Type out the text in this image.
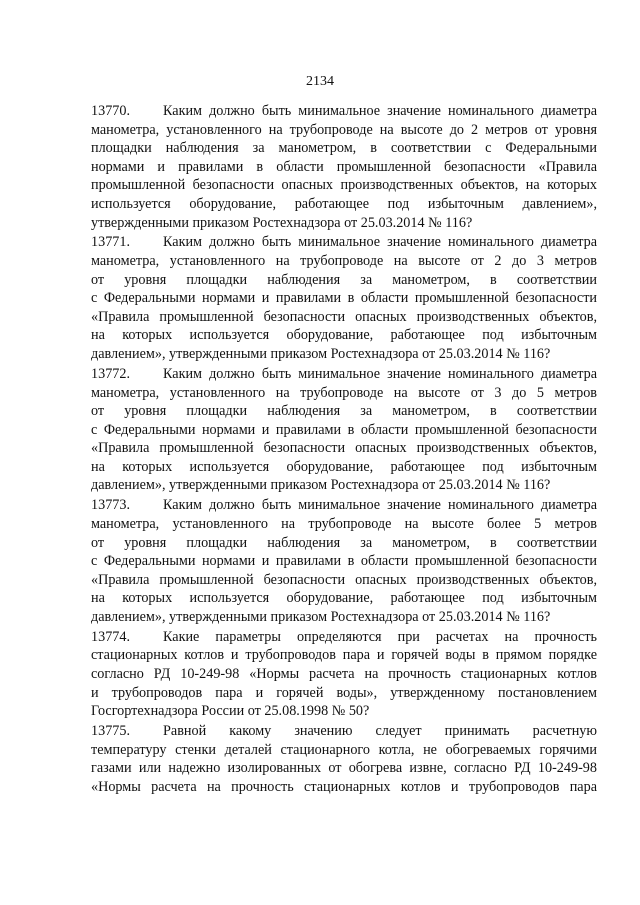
2134
13770. Каким должно быть минимальное значение номинального диаметра
манометра, установленного на трубопроводе на высоте до 2 метров от уровня
площадки наблюдения за манометром, в соответствии с Федеральными
нормами и правилами в области промышленной безопасности «Правила
промышленной безопасности опасных производственных объектов, на которых
используется оборудование, работающее под избыточным давлением»,
утвержденными приказом Ростехнадзора от 25.03.2014 № 116?
13771. Каким должно быть минимальное значение номинального диаметра
манометра, установленного на трубопроводе на высоте от 2 до 3 метров
от уровня площадки наблюдения за манометром, в соответствии
с Федеральными нормами и правилами в области промышленной безопасности
«Правила промышленной безопасности опасных производственных объектов,
на которых используется оборудование, работающее под избыточным
давлением», утвержденными приказом Ростехнадзора от 25.03.2014 № 116?
13772. Каким должно быть минимальное значение номинального диаметра
манометра, установленного на трубопроводе на высоте от 3 до 5 метров
от уровня площадки наблюдения за манометром, в соответствии
с Федеральными нормами и правилами в области промышленной безопасности
«Правила промышленной безопасности опасных производственных объектов,
на которых используется оборудование, работающее под избыточным
давлением», утвержденными приказом Ростехнадзора от 25.03.2014 № 116?
13773. Каким должно быть минимальное значение номинального диаметра
манометра, установленного на трубопроводе на высоте более 5 метров
от уровня площадки наблюдения за манометром, в соответствии
с Федеральными нормами и правилами в области промышленной безопасности
«Правила промышленной безопасности опасных производственных объектов,
на которых используется оборудование, работающее под избыточным
давлением», утвержденными приказом Ростехнадзора от 25.03.2014 № 116?
13774. Какие параметры определяются при расчетах на прочность
стационарных котлов и трубопроводов пара и горячей воды в прямом порядке
согласно РД 10-249-98 «Нормы расчета на прочность стационарных котлов
и трубопроводов пара и горячей воды», утвержденному постановлением
Госгортехнадзора России от 25.08.1998 № 50?
13775. Равной какому значению следует принимать расчетную
температуру стенки деталей стационарного котла, не обогреваемых горячими
газами или надежно изолированных от обогрева извне, согласно РД 10-249-98
«Нормы расчета на прочность стационарных котлов и трубопроводов пара
